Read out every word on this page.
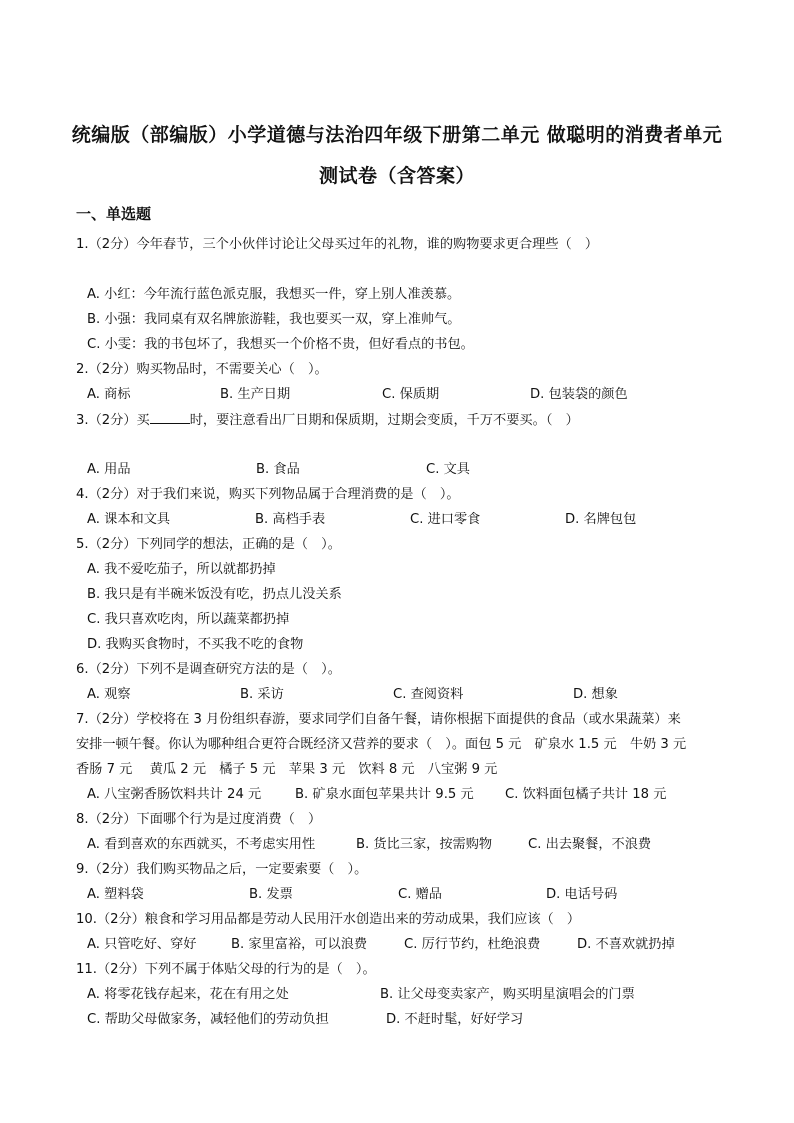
统编版（部编版）小学道德与法治四年级下册第二单元 做聪明的消费者单元
测试卷（含答案）
一、单选题
1.（2分）今年春节，三个小伙伴讨论让父母买过年的礼物，谁的购物要求更合理些（　）
A. 小红：今年流行蓝色派克服，我想买一件，穿上别人准羡慕。
B. 小强：我同桌有双名牌旅游鞋，我也要买一双，穿上准帅气。
C. 小雯：我的书包坏了，我想买一个价格不贵，但好看点的书包。
2.（2分）购买物品时，不需要关心（　）。
A. 商标	B. 生产日期	C. 保质期	D. 包装袋的颜色
3.（2分）买	时，要注意看出厂日期和保质期，过期会变质，千万不要买。（　）
A. 用品	B. 食品	C. 文具
4.（2分）对于我们来说，购买下列物品属于合理消费的是（　）。
A. 课本和文具	B. 高档手表	C. 进口零食	D. 名牌包包
5.（2分）下列同学的想法，正确的是（　）。
A. 我不爱吃茄子，所以就都扔掉
B. 我只是有半碗米饭没有吃，扔点儿没关系
C. 我只喜欢吃肉，所以蔬菜都扔掉
D. 我购买食物时，不买我不吃的食物
6.（2分）下列不是调查研究方法的是（　）。
A. 观察	B. 采访	C. 查阅资料	D. 想象
7.（2分）学校将在 3 月份组织春游，要求同学们自备午餐，请你根据下面提供的食品（或水果蔬菜）来
安排一顿午餐。你认为哪种组合更符合既经济又营养的要求（　）。面包 5 元　矿泉水 1.5 元　牛奶 3 元
香肠 7 元　 黄瓜 2 元　橘子 5 元　苹果 3 元　饮料 8 元　八宝粥 9 元
A. 八宝粥香肠饮料共计 24 元	B. 矿泉水面包苹果共计 9.5 元 C. 饮料面包橘子共计 18 元
8.（2分）下面哪个行为是过度消费（　）
A. 看到喜欢的东西就买，不考虑实用性	B. 货比三家，按需购物	C. 出去聚餐，不浪费
9.（2分）我们购买物品之后，一定要索要（　）。
A. 塑料袋	B. 发票	C. 赠品	D. 电话号码
10.（2分）粮食和学习用品都是劳动人民用汗水创造出来的劳动成果，我们应该（　）
A. 只管吃好、穿好	B. 家里富裕，可以浪费	C. 厉行节约，杜绝浪费	D. 不喜欢就扔掉
11.（2分）下列不属于体贴父母的行为的是（　）。
A. 将零花钱存起来，花在有用之处	B. 让父母变卖家产，购买明星演唱会的门票
C. 帮助父母做家务，减轻他们的劳动负担	D. 不赶时髦，好好学习
